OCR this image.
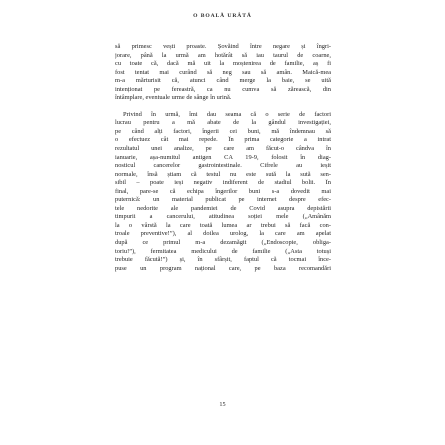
O BOALĂ URÂTĂ
să primesc vești proaste. Șovăind între negare și îngri-
jorare, până la urmă am hotărât să iau taurul de coarne,
cu toate că, dacă mă uit la moștenirea de familie, aș fi
fost tentat mai curând să neg sau să amân. Maică-mea
m-a mărturisit că, atunci când merge la baie, se uită
intenționat pe fereastră, ca nu cumva să zărească, din
întâmplare, eventuale urme de sânge în urină.
Privind în urmă, îmi dau seama că o serie de factori
lucrau pentru a mă abate de la gândul investigației,
pe când alți factori, îngerii cei buni, mă îndemnau să
o efectuez cât mai repede. În prima categorie a intrat
rezultatul unei analize, pe care am făcut-o cândva în
ianuarie, așa-numitul antigen CA 19-9, folosit în diag-
nosticul cancerelor gastrointestinale. Cifrele au ieșit
normale, însă știam că testul nu este sută la sută sen-
sibil – poate ieși negativ indiferent de stadiul bolii. În
final, pare-se că echipa îngerilor buni s-a dovedit mai
puternică: un material publicat pe internet despre efec-
tele nedorite ale pandemiei de Covid asupra depistării
timpurii a cancerului, atitudinea soției mele („Amânăm
la o vârstă la care toată lumea ar trebui să facă con-
troale preventive!”), al doilea urolog, la care am apelat
după ce primul m-a dezamăgit („Endoscopie, obliga-
toriu!”), fermitatea medicului de familie („Asta totuși
trebuie făcută!”) și, în sfârșit, faptul că tocmai înce-
puse un program național care, pe baza recomandări
15
